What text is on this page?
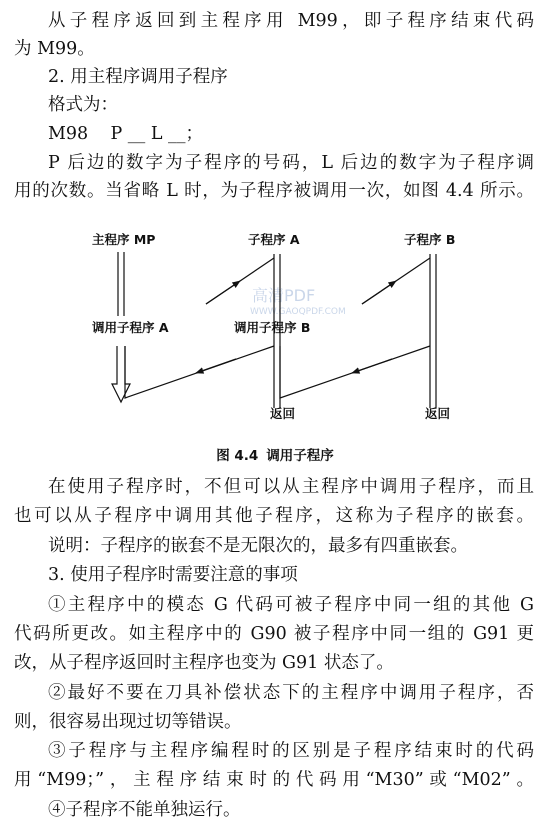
从子程序返回到主程序用 M99，即子程序结束代码
为 M99。
2. 用主程序调用子程序
格式为：
M98    P __ L __；
P 后边的数字为子程序的号码，L 后边的数字为子程序调
用的次数。当省略 L 时，为子程序被调用一次，如图 4.4 所示。
高清PDF
WWW.GAOQPDF.COM
主程序 MP	子程序 A	子程序 B
调用子程序 A	调用子程序 B
返回	返回
图 4.4 调用子程序
在使用子程序时，不但可以从主程序中调用子程序，而且
也可以从子程序中调用其他子程序，这称为子程序的嵌套。
说明：子程序的嵌套不是无限次的，最多有四重嵌套。
3. 使用子程序时需要注意的事项
①主程序中的模态 G 代码可被子程序中同一组的其他 G
代码所更改。如主程序中的 G90 被子程序中同一组的 G91 更
改，从子程序返回时主程序也变为 G91 状态了。
②最好不要在刀具补偿状态下的主程序中调用子程序，否
则，很容易出现过切等错误。
③子程序与主程序编程时的区别是子程序结束时的代码
用“M99；”，主程序结束时的代码用“M30”或“M02”。
④子程序不能单独运行。
